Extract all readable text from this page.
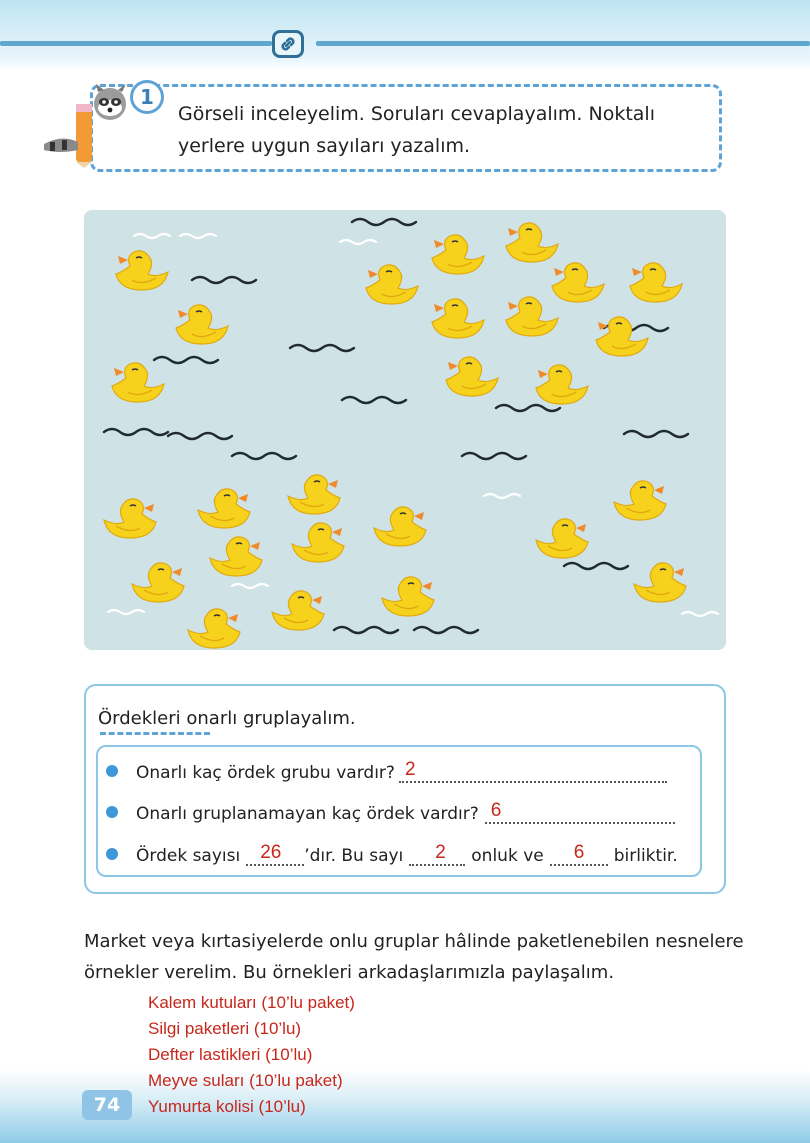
1
Görseli inceleyelim. Soruları cevaplayalım. Noktalı yerlere uygun sayıları yazalım.
Ördekleri onarlı gruplayalım.
Onarlı kaç ördek grubu vardır? 2
Onarlı gruplanamayan kaç ördek vardır? 6
Ördek sayısı 26 ’dır. Bu sayı 2 onluk ve 6 birliktir.
Market veya kırtasiyelerde onlu gruplar hâlinde paketlenebilen nesnelere örnekler verelim. Bu örnekleri arkadaşlarımızla paylaşalım.
74
Kalem kutuları (10’lu paket)
Silgi paketleri (10’lu)
Defter lastikleri (10’lu)
Meyve suları (10’lu paket)
Yumurta kolisi (10’lu)
